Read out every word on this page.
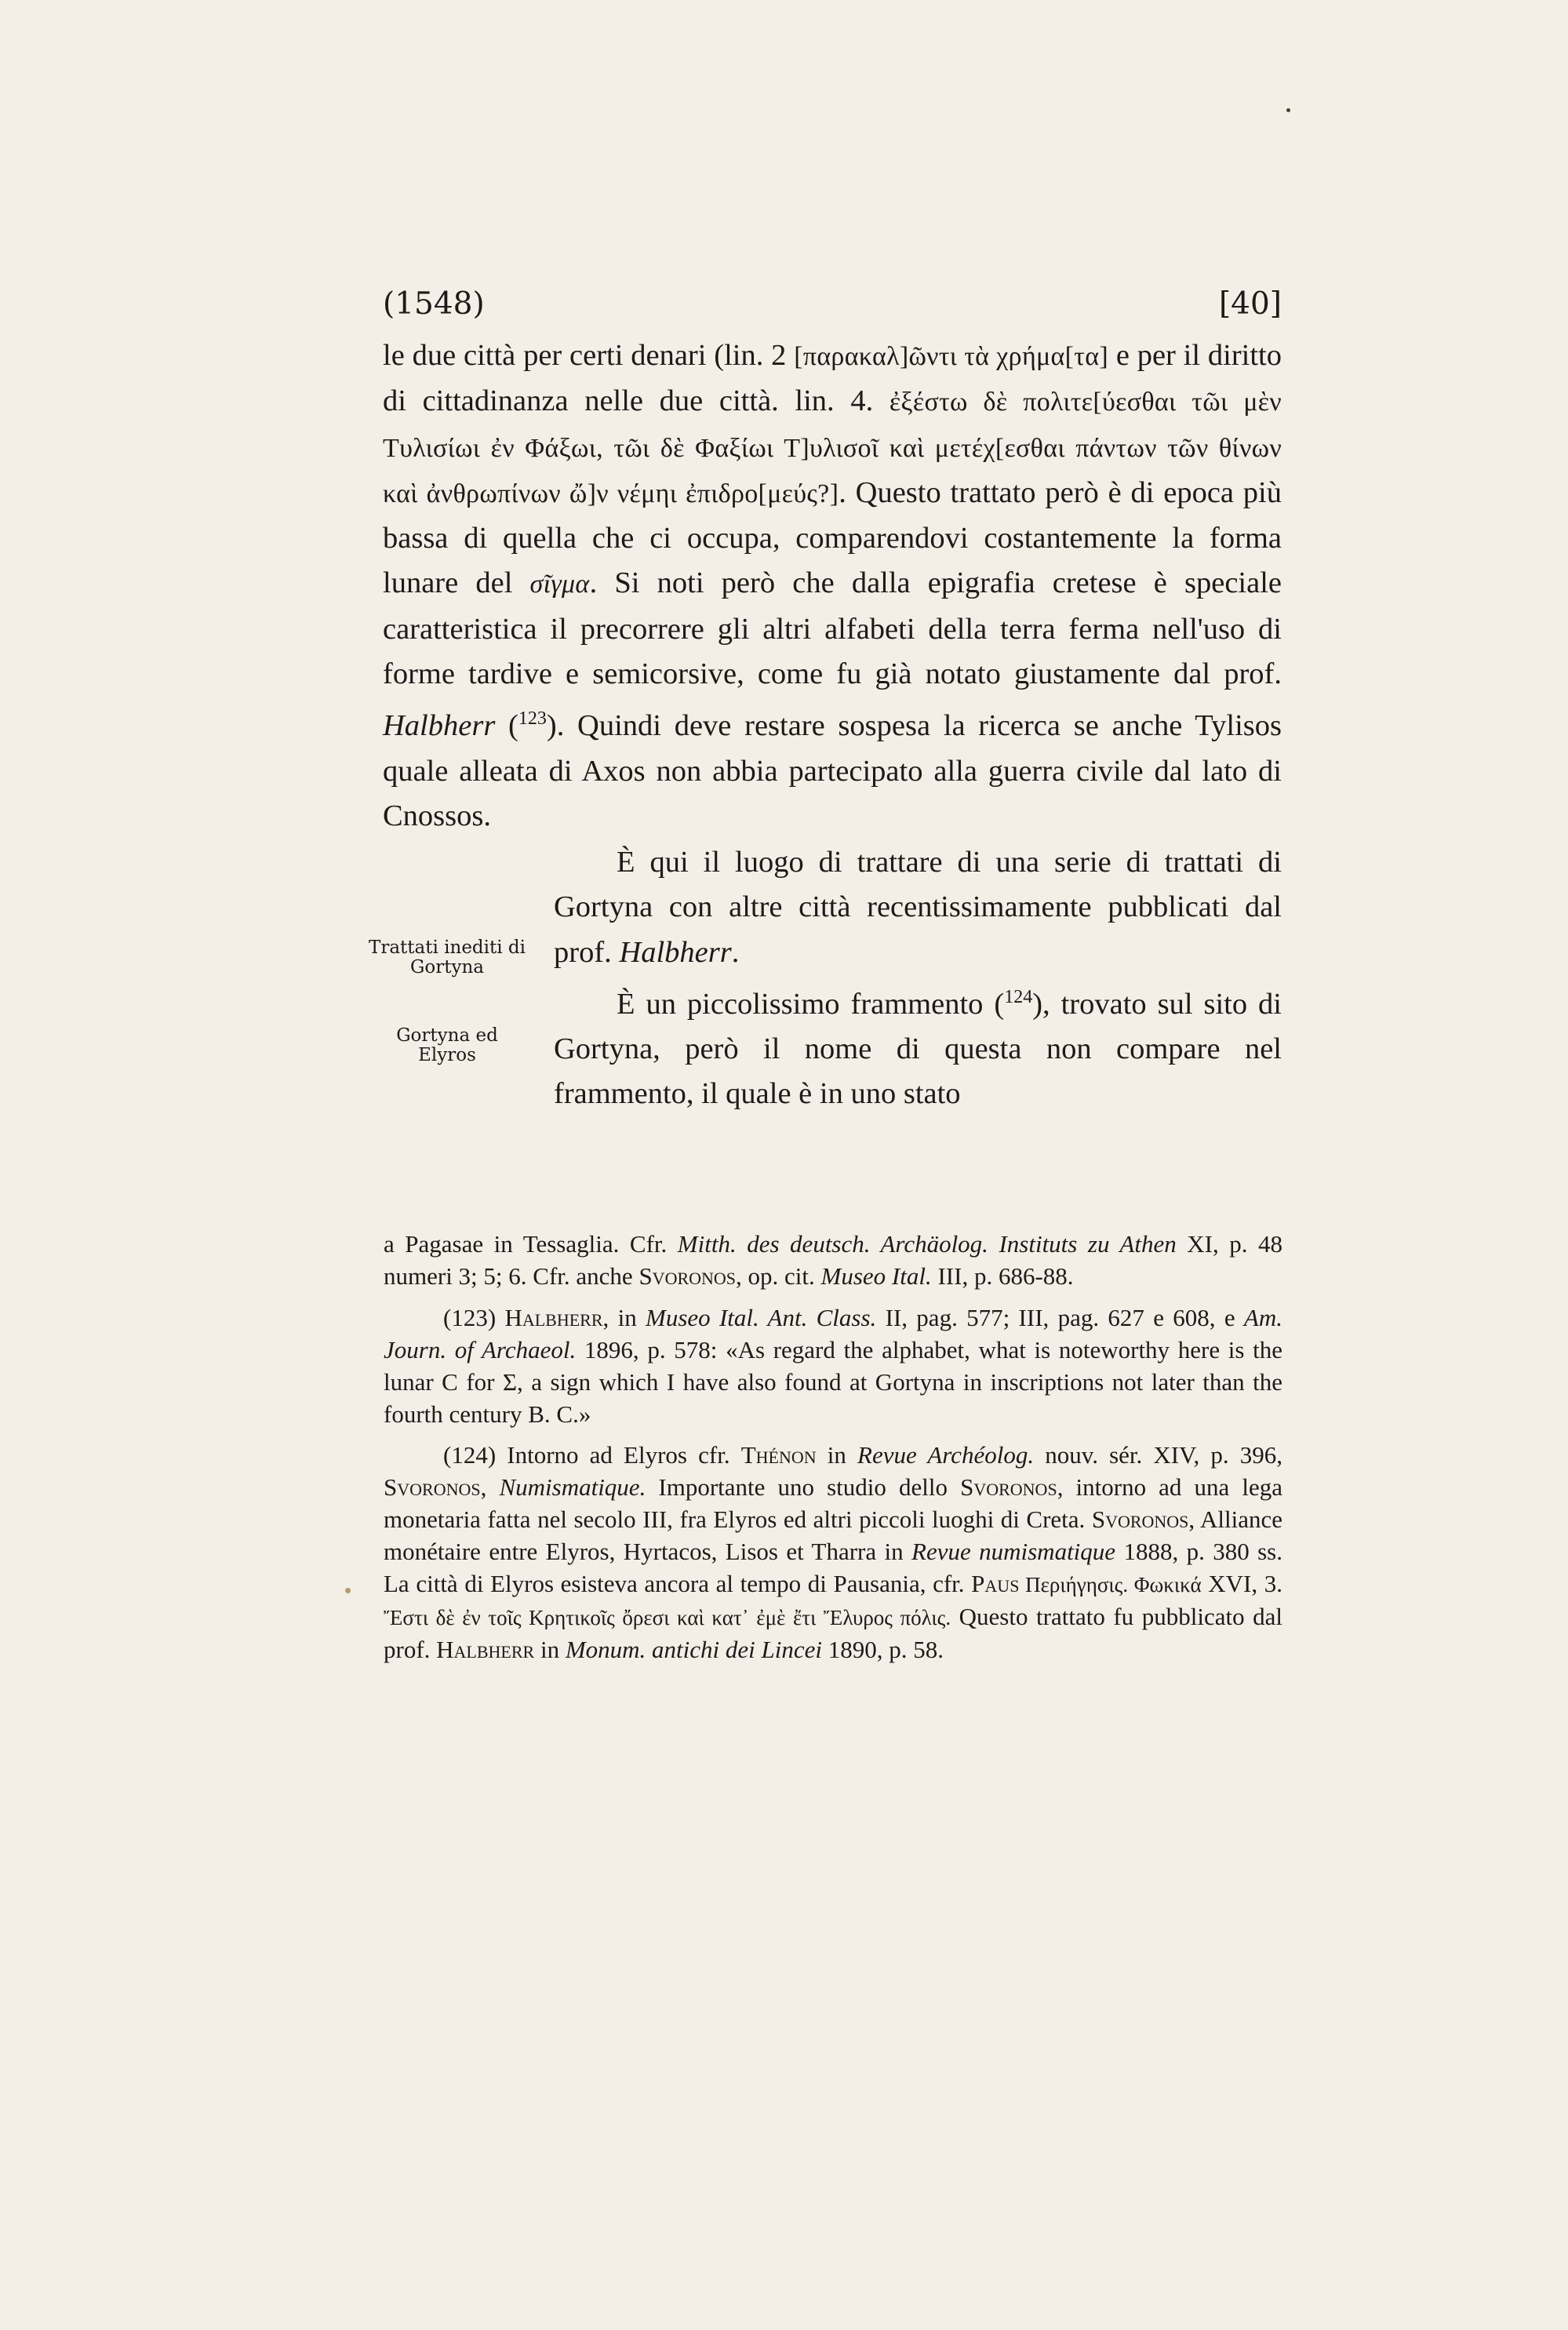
(1548)	[40]
Trattati inediti di Gortyna
Gortyna ed Elyros

le due città per certi denari (lin. 2 [παρακαλ]ῶντι τὰ χρήμα[τα] e per il diritto di cittadinanza nelle due città. lin. 4. ἐξέστω δὲ πολιτε[ύεσθαι τῶι μὲν Τυλισίωι ἐν Φάξωι, τῶι δὲ Φαξίωι Τ]υλισοῖ καὶ μετέχ[εσθαι πάντων τῶν θίνων καὶ ἀνθρωπίνων ὤ]ν νέμηι ἐπιδρο[μεύς?]. Questo trattato però è di epoca più bassa di quella che ci occupa, comparendovi costantemente la forma lunare del σῖγμα. Si noti però che dalla epigrafia cretese è speciale caratteristica il precorrere gli altri alfabeti della terra ferma nell'uso di forme tardive e semicorsive, come fu già notato giustamente dal prof. Halbherr ($^{123}$). Quindi deve restare sospesa la ricerca se anche Tylisos quale alleata di Axos non abbia partecipato alla guerra civile dal lato di Cnossos.

È qui il luogo di trattare di una serie di trattati di Gortyna con altre città recentissimamente pubblicati dal prof. Halbherr.

È un piccolissimo frammento ($^{124}$), trovato sul sito di Gortyna, però il nome di questa non compare nel frammento, il quale è in uno stato

a Pagasae in Tessaglia. Cfr. Mitth. des deutsch. Archäolog. Instituts zu Athen XI, p. 48 numeri 3; 5; 6. Cfr. anche Svoronos, op. cit. Museo Ital. III, p. 686-88.

(123) Halbherr, in Museo Ital. Ant. Class. II, pag. 577; III, pag. 627 e 608, e Am. Journ. of Archaeol. 1896, p. 578: «As regard the alphabet, what is noteworthy here is the lunar C for Σ, a sign which I have also found at Gortyna in inscriptions not later than the fourth century B. C.»

(124) Intorno ad Elyros cfr. Thénon in Revue Archéolog. nouv. sér. XIV, p. 396, Svoronos, Numismatique. Importante uno studio dello Svoronos, intorno ad una lega monetaria fatta nel secolo III, fra Elyros ed altri piccoli luoghi di Creta. Svoronos, Alliance monétaire entre Elyros, Hyrtacos, Lisos et Tharra in Revue numismatique 1888, p. 380 ss. La città di Elyros esisteva ancora al tempo di Pausania, cfr. Paus Περιήγησις. Φωκικά XVI, 3. Ἔστι δὲ ἐν τοῖς Κρητικοῖς ὄρεσι καὶ κατ᾽ ἐμὲ ἔτι Ἔλυρος πόλις. Questo trattato fu pubblicato dal prof. Halbherr in Monum. antichi dei Lincei 1890, p. 58.
